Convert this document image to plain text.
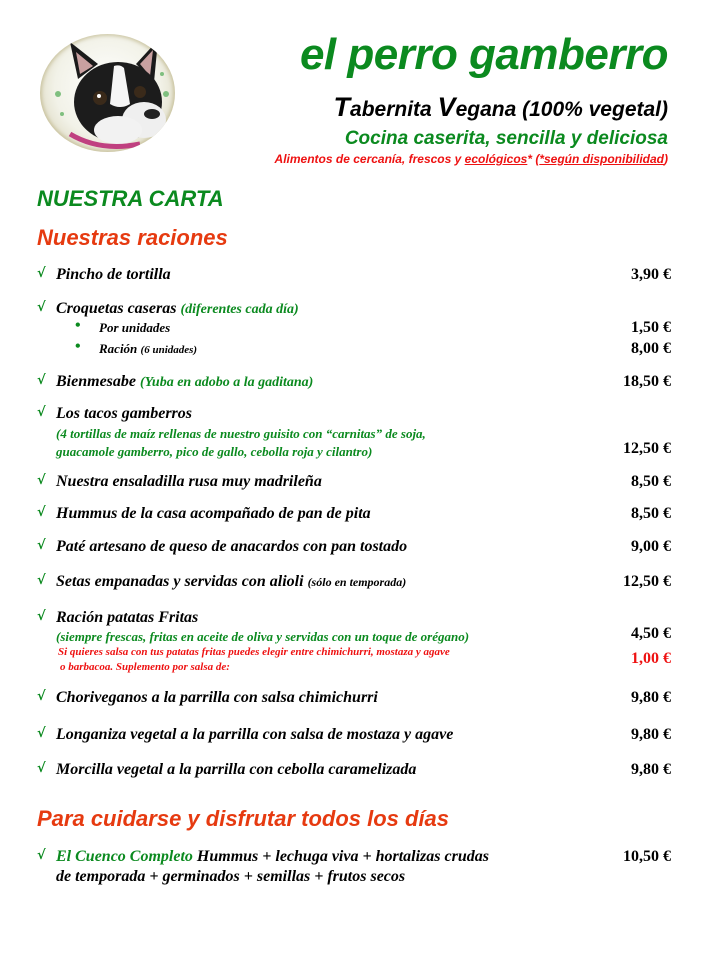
el perro gamberro
Tabernita Vegana (100% vegetal)
Cocina caserita, sencilla y deliciosa
Alimentos de cercanía, frescos y ecológicos* (*según disponibilidad)
NUESTRA CARTA
Nuestras raciones
√ Pincho de tortilla	3,90 €
√ Croquetas caseras (diferentes cada día)
• Por unidades	1,50 €
• Ración (6 unidades)	8,00 €
√ Bienmesabe (Yuba en adobo a la gaditana)	18,50 €
√ Los tacos gamberros
(4 tortillas de maíz rellenas de nuestro guisito con “carnitas” de soja,
guacamole gamberro, pico de gallo, cebolla roja y cilantro)	12,50 €
√ Nuestra ensaladilla rusa muy madrileña	8,50 €
√ Hummus de la casa acompañado de pan de pita	8,50 €
√ Paté artesano de queso de anacardos con pan tostado	9,00 €
√ Setas empanadas y servidas con alioli (sólo en temporada)	12,50 €
√ Ración patatas Fritas
(siempre frescas, fritas en aceite de oliva y servidas con un toque de orégano)	4,50 €
Si quieres salsa con tus patatas fritas puedes elegir entre chimichurri, mostaza y agave
o barbacoa. Suplemento por salsa de:	1,00 €
√ Choriveganos a la parrilla con salsa chimichurri	9,80 €
√ Longaniza vegetal a la parrilla con salsa de mostaza y agave	9,80 €
√ Morcilla vegetal a la parrilla con cebolla caramelizada	9,80 €
Para cuidarse y disfrutar todos los días
√ El Cuenco Completo Hummus + lechuga viva + hortalizas crudas
de temporada + germinados + semillas + frutos secos
10,50 €
